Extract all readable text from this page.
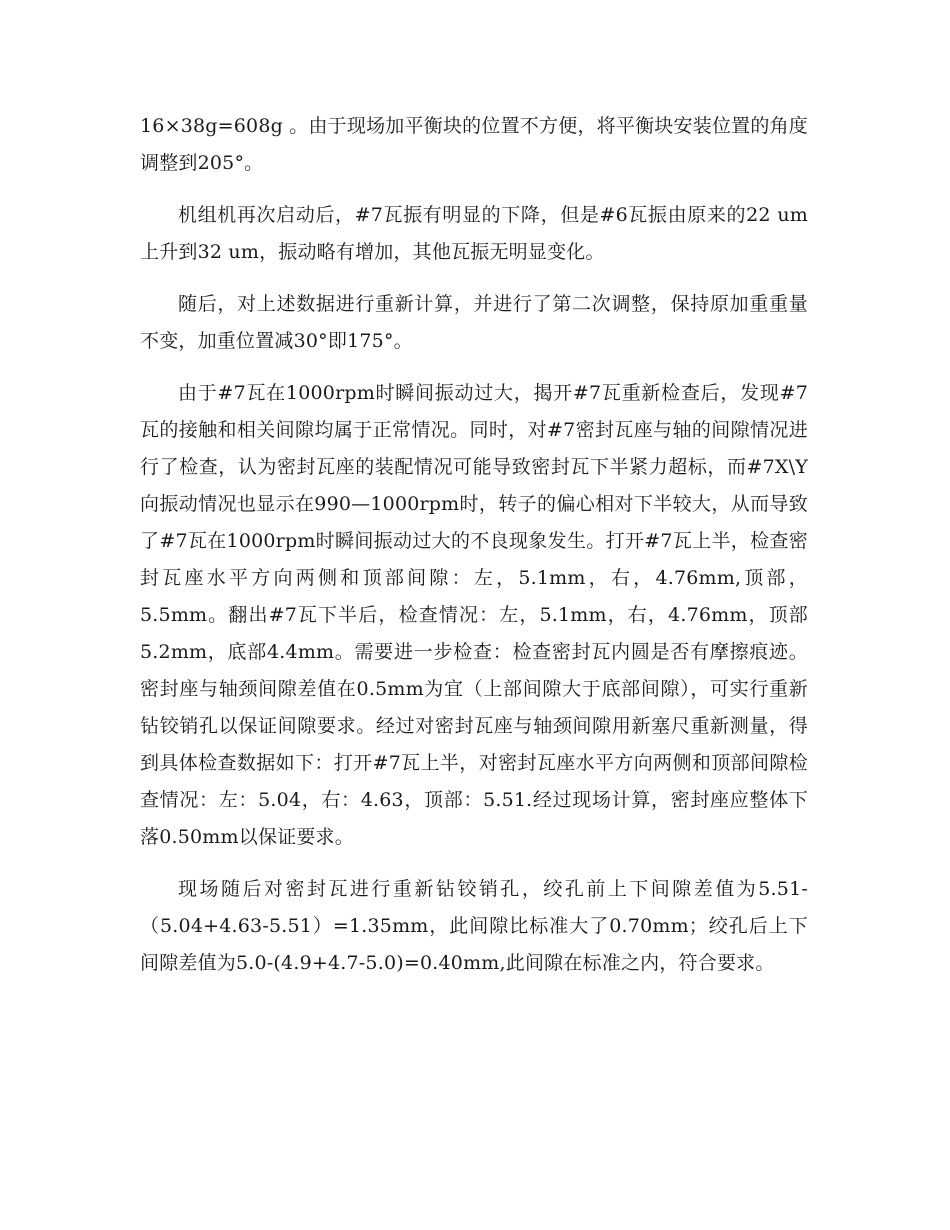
16×38g=608g 。由于现场加平衡块的位置不方便，将平衡块安装位置的角度调整到205°。

机组机再次启动后，#7瓦振有明显的下降，但是#6瓦振由原来的22 um上升到32 um，振动略有增加，其他瓦振无明显变化。

随后，对上述数据进行重新计算，并进行了第二次调整，保持原加重重量不变，加重位置减30°即175°。

由于#7瓦在1000rpm时瞬间振动过大，揭开#7瓦重新检查后，发现#7瓦的接触和相关间隙均属于正常情况。同时，对#7密封瓦座与轴的间隙情况进行了检查，认为密封瓦座的装配情况可能导致密封瓦下半紧力超标，而#7X\Y向振动情况也显示在990—1000rpm时，转子的偏心相对下半较大，从而导致了#7瓦在1000rpm时瞬间振动过大的不良现象发生。打开#7瓦上半，检查密封瓦座水平方向两侧和顶部间隙：左，5.1mm，右，4.76mm,顶部，5.5mm。翻出#7瓦下半后，检查情况：左，5.1mm，右，4.76mm，顶部5.2mm，底部4.4mm。需要进一步检查：检查密封瓦内圆是否有摩擦痕迹。密封座与轴颈间隙差值在0.5mm为宜（上部间隙大于底部间隙），可实行重新钻铰销孔以保证间隙要求。经过对密封瓦座与轴颈间隙用新塞尺重新测量，得到具体检查数据如下：打开#7瓦上半，对密封瓦座水平方向两侧和顶部间隙检查情况：左：5.04，右：4.63，顶部：5.51.经过现场计算，密封座应整体下落0.50mm以保证要求。

现场随后对密封瓦进行重新钻铰销孔，绞孔前上下间隙差值为5.51-（5.04+4.63-5.51）=1.35mm，此间隙比标准大了0.70mm；绞孔后上下间隙差值为5.0-(4.9+4.7-5.0)=0.40mm,此间隙在标准之内，符合要求。
